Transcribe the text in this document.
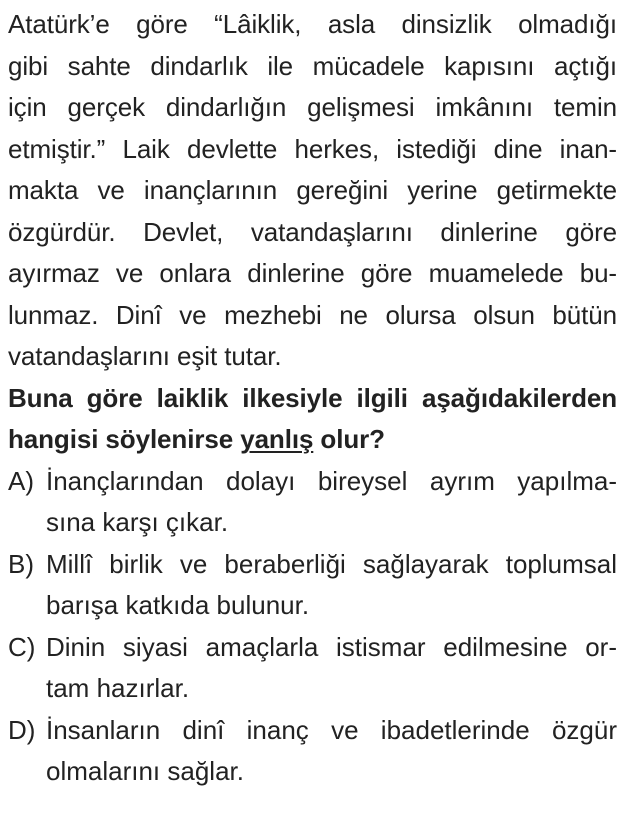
Atatürk’e göre “Lâiklik, asla dinsizlik olmadığı
gibi sahte dindarlık ile mücadele kapısını açtığı
için gerçek dindarlığın gelişmesi imkânını temin
etmiştir.” Laik devlette herkes, istediği dine inan-
makta ve inançlarının gereğini yerine getirmekte
özgürdür. Devlet, vatandaşlarını dinlerine göre
ayırmaz ve onlara dinlerine göre muamelede bu-
lunmaz. Dinî ve mezhebi ne olursa olsun bütün
vatandaşlarını eşit tutar.
Buna göre laiklik ilkesiyle ilgili aşağıdakilerden
hangisi söylenirse yanlış olur?
A) İnançlarından dolayı bireysel ayrım yapılma-
sına karşı çıkar.
B) Millî birlik ve beraberliği sağlayarak toplumsal
barışa katkıda bulunur.
C) Dinin siyasi amaçlarla istismar edilmesine or-
tam hazırlar.
D) İnsanların dinî inanç ve ibadetlerinde özgür
olmalarını sağlar.
